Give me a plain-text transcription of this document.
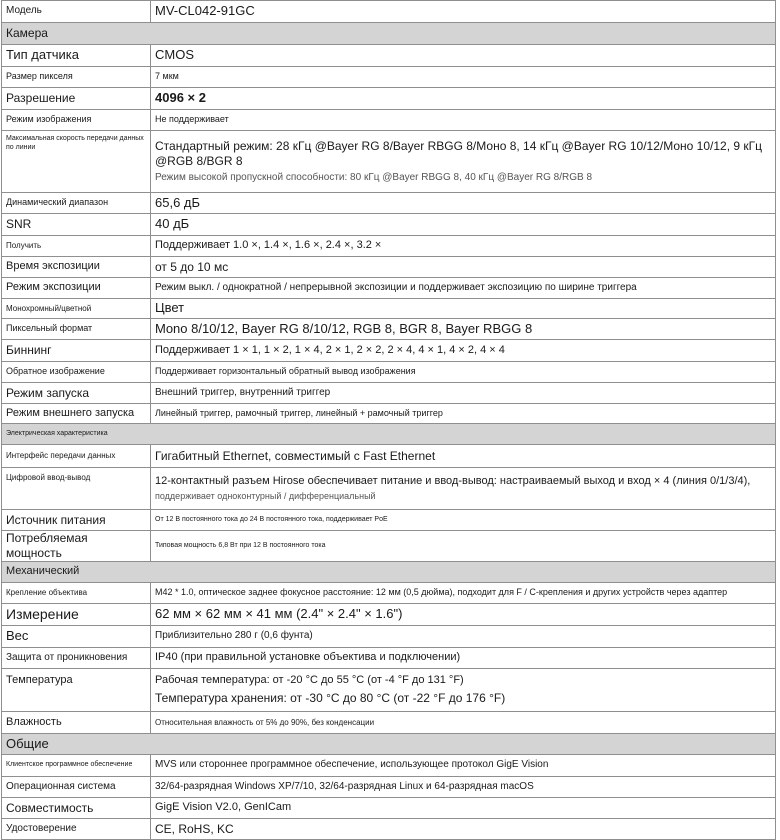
Модель	MV-CL042-91GC
Камера	
Тип датчика	CMOS
Размер пикселя	7 мкм
Разрешение	4096 × 2
Режим изображения	Не поддерживает
Максимальная скорость передачи данных по линии	Стандартный режим: 28 кГц @Bayer RG 8/Bayer RBGG 8/Моно 8, 14 кГц @Bayer RG 10/12/Моно 10/12, 9 кГц @RGB 8/BGR 8
Режим высокой пропускной способности: 80 кГц @Bayer RBGG 8, 40 кГц @Bayer RG 8/RGB 8

Динамический диапазон	65,6 дБ
SNR	40 дБ
Получить	Поддерживает 1.0 ×, 1.4 ×, 1.6 ×, 2.4 ×, 3.2 ×
Время экспозиции	от 5 до 10 мс
Режим экспозиции	Режим выкл. / однократной / непрерывной экспозиции и поддерживает экспозицию по ширине триггера
Монохромный/цветной	Цвет
Пиксельный формат	Mono 8/10/12, Bayer RG 8/10/12, RGB 8, BGR 8, Bayer RBGG 8
Биннинг	Поддерживает 1 × 1, 1 × 2, 1 × 4, 2 × 1, 2 × 2, 2 × 4, 4 × 1, 4 × 2, 4 × 4
Обратное изображение	Поддерживает горизонтальный обратный вывод изображения
Режим запуска	Внешний триггер, внутренний триггер
Режим внешнего запуска	Линейный триггер, рамочный триггер, линейный + рамочный триггер
Электрическая характеристика	
Интерфейс передачи данных	Гигабитный Ethernet, совместимый с Fast Ethernet
Цифровой ввод-вывод	12-контактный разъем Hirose обеспечивает питание и ввод-вывод: настраиваемый выход и вход × 4 (линия 0/1/3/4),
поддерживает одноконтурный / дифференциальный

Источник питания	От 12 В постоянного тока до 24 В постоянного тока, поддерживает PoE
Потребляемая мощность	Типовая мощность 6,8 Вт при 12 В постоянного тока
Механический	
Крепление объектива	M42 * 1.0, оптическое заднее фокусное расстояние: 12 мм (0,5 дюйма), подходит для F / C-крепления и других устройств через адаптер
Измерение	62 мм × 62 мм × 41 мм (2.4" × 2.4" × 1.6")
Вес	Приблизительно 280 г (0,6 фунта)
Защита от проникновения	IP40 (при правильной установке объектива и подключении)
Температура	Рабочая температура: от -20 °C до 55 °C (от -4 °F до 131 °F)
Температура хранения: от -30 °C до 80 °C (от -22 °F до 176 °F)

Влажность	Относительная влажность от 5% до 90%, без конденсации
Общие	
Клиентское программное обеспечение	MVS или стороннее программное обеспечение, использующее протокол GigE Vision
Операционная система	32/64-разрядная Windows XP/7/10, 32/64-разрядная Linux и 64-разрядная macOS
Совместимость	GigE Vision V2.0, GenICam
Удостоверение	CE, RoHS, KC
